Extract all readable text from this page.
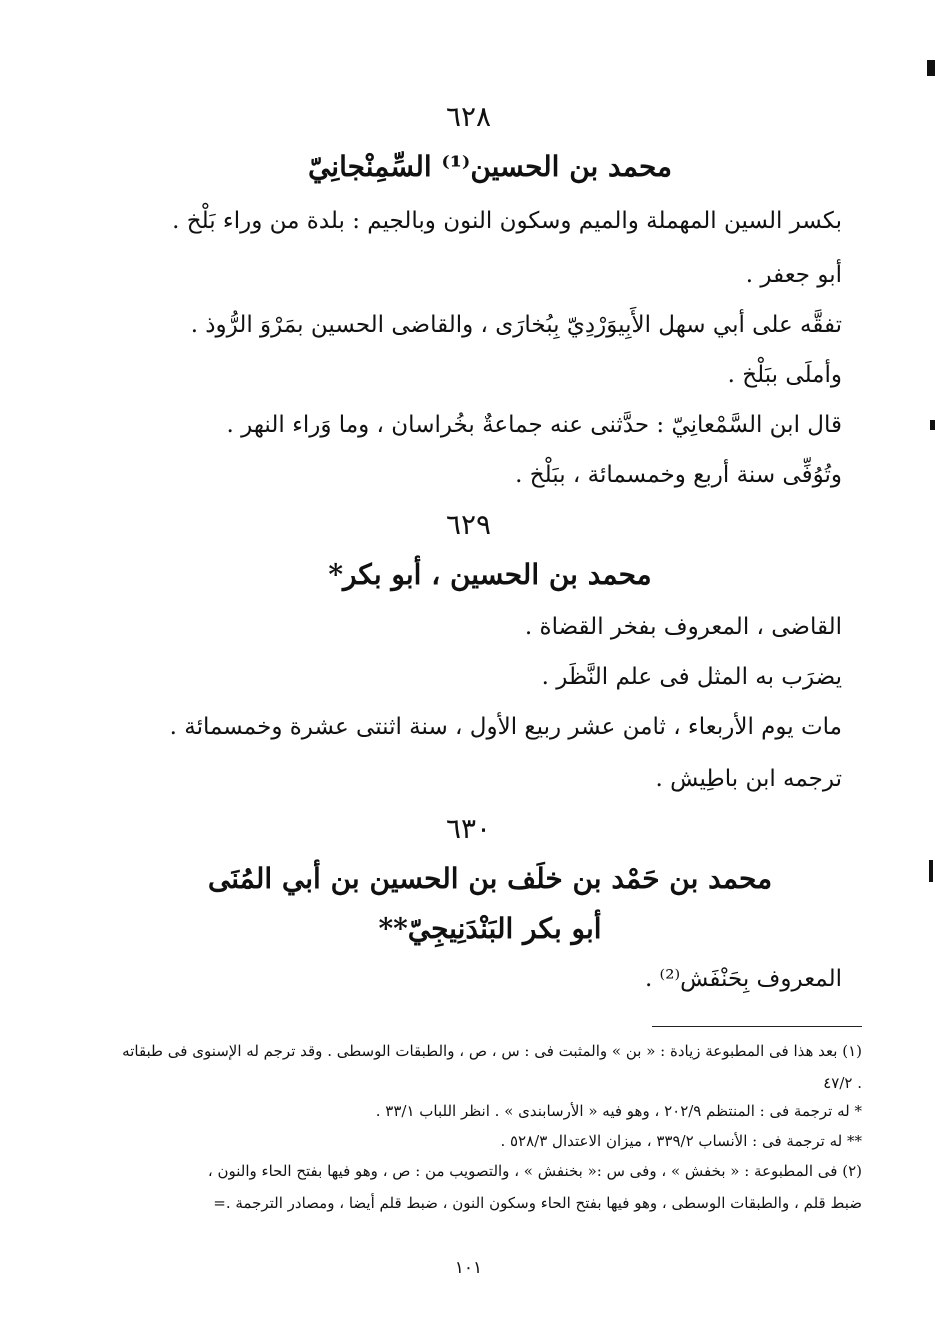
٦٢٨
محمد بن الحسين⁽¹⁾ السِّمِنْجانِيّ
بكسر السين المهملة والميم وسكون النون وبالجيم : بلدة من وراء بَلْخ .
أبو جعفر .
تفقَّه على أبي سهل الأَبِيوَرْدِيّ بِبُخارَى ، والقاضى الحسين بمَرْوَ الرُّوذ .
وأملَى ببَلْخ .
قال ابن السَّمْعانِيّ : حدَّثنى عنه جماعةٌ بخُراسان ، وما وَراء النهر .
وتُوُفِّى سنة أربع وخمسمائة ، ببَلْخ .
٦٢٩
محمد بن الحسين ، أبو بكر*
القاضى ، المعروف بفخر القضاة .
يضرَب به المثل فى علم النَّظَر .
مات يوم الأربعاء ، ثامن عشر ربيع الأول ، سنة اثنتى عشرة وخمسمائة .
ترجمه ابن باطِيش .
٦٣٠
محمد بن حَمْد بن خلَف بن الحسين بن أبي المُنَى
أبو بكر البَنْدَنِيجِيّ**
المعروف بِحَنْفَش⁽²⁾ .
(١) بعد هذا فى المطبوعة زيادة : « بن » والمثبت فى : س ، ص ، والطبقات الوسطى . وقد ترجم له الإسنوى فى طبقاته
٤٧/٢ .
* له ترجمة فى : المنتظم ٢٠٢/٩ ، وهو فيه « الأرسابندى » . انظر اللباب ٣٣/١ .
** له ترجمة فى : الأنساب ٣٣٩/٢ ، ميزان الاعتدال ٥٢٨/٣ .
(٢) فى المطبوعة : « بخفش » ، وفى س :« بخنفش » ، والتصويب من : ص ، وهو فيها بفتح الحاء والنون ،
ضبط قلم ، والطبقات الوسطى ، وهو فيها بفتح الحاء وسكون النون ، ضبط قلم أيضا ، ومصادر الترجمة .=
١٠١
